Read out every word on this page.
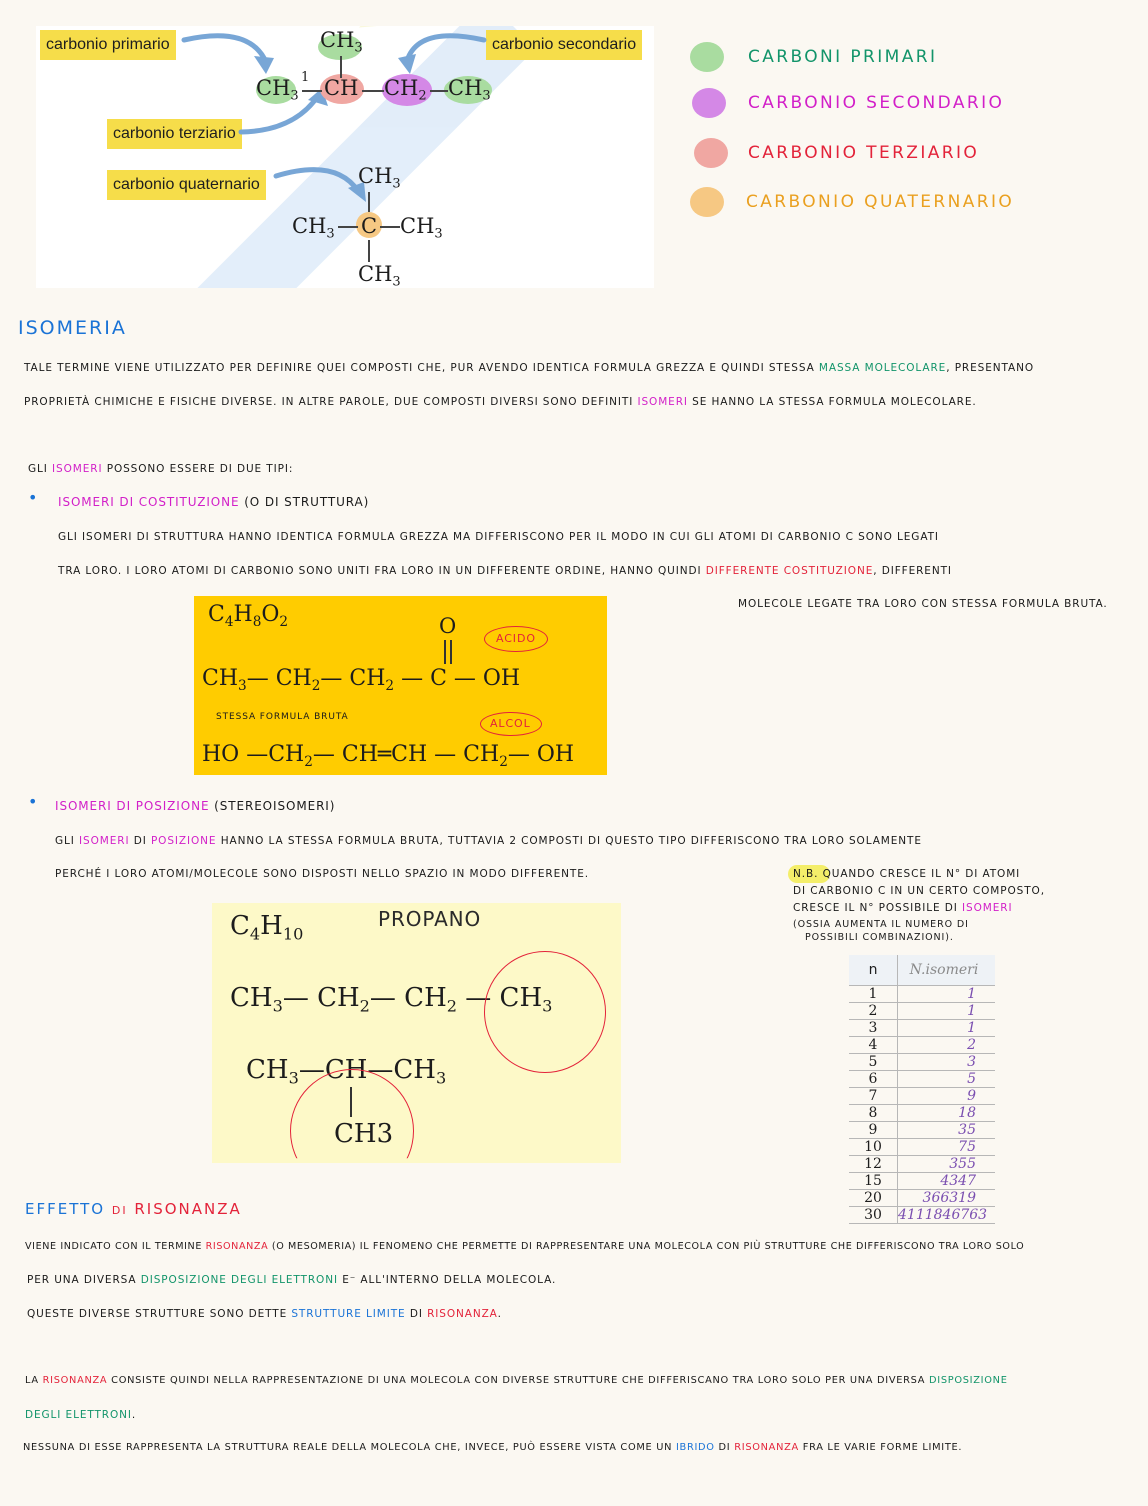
carbonio primario	carbonio secondario
carbonio terziario
carbonio quaternario
$CH_3$
$CH_3$ CH
1	$CH_2$ $CH_3$
$CH_3$
$CH_3$ C $CH_3$
$CH_3$
CARBONI PRIMARI
CARBONIO SECONDARIO
CARBONIO TERZIARIO
CARBONIO QUATERNARIO
ISOMERIA
TALE TERMINE VIENE UTILIZZATO PER DEFINIRE QUEI COMPOSTI CHE, PUR AVENDO IDENTICA FORMULA GREZZA E QUINDI STESSA MASSA MOLECOLARE, PRESENTANO
PROPRIETÀ CHIMICHE E FISICHE DIVERSE. IN ALTRE PAROLE, DUE COMPOSTI DIVERSI SONO DEFINITI ISOMERI SE HANNO LA STESSA FORMULA MOLECOLARE.
GLI ISOMERI POSSONO ESSERE DI DUE TIPI:
• ISOMERI DI COSTITUZIONE (O DI STRUTTURA)
GLI ISOMERI DI STRUTTURA HANNO IDENTICA FORMULA GREZZA MA DIFFERISCONO PER IL MODO IN CUI GLI ATOMI DI CARBONIO C SONO LEGATI
TRA LORO. I LORO ATOMI DI CARBONIO SONO UNITI FRA LORO IN UN DIFFERENTE ORDINE, HANNO QUINDI DIFFERENTE COSTITUZIONE, DIFFERENTI
MOLECOLE LEGATE TRA LORO CON STESSA FORMULA BRUTA.
$C_4H_8O_2$	O
$CH_3—$ $CH_2—$ $CH_2$ — C — OH
ACIDO
STESSA FORMULA BRUTA	ALCOL
HO $—CH_2—$ CH═CH — $CH_2—$ OH
• ISOMERI DI POSIZIONE (STEREOISOMERI)
GLI ISOMERI DI POSIZIONE HANNO LA STESSA FORMULA BRUTA, TUTTAVIA 2 COMPOSTI DI QUESTO TIPO DIFFERISCONO TRA LORO SOLAMENTE
PERCHÉ I LORO ATOMI/MOLECOLE SONO DISPOSTI NELLO SPAZIO IN MODO DIFFERENTE.
$C_4H_{10}$
PROPANO
$CH_3—$ $CH_2—$ $CH_2$ — $CH_3$
$CH_3—CH—CH_3$
CH3
N.B. QUANDO CRESCE IL N° DI ATOMI
DI CARBONIO C IN UN CERTO COMPOSTO,
CRESCE IL N° POSSIBILE DI ISOMERI
(OSSIA AUMENTA IL NUMERO DI
POSSIBILI COMBINAZIONI).
n	N.isomeri
1	1
2	1
3	1
4	2
5	3
6	5
7	9
8	18
9	35
10	75
12	355
15	4347
20	366319
30	4111846763
EFFETTO DI RISONANZA
VIENE INDICATO CON IL TERMINE RISONANZA (O MESOMERIA) IL FENOMENO CHE PERMETTE DI RAPPRESENTARE UNA MOLECOLA CON PIÙ STRUTTURE CHE DIFFERISCONO TRA LORO SOLO
PER UNA DIVERSA DISPOSIZIONE DEGLI ELETTRONI E⁻ ALL'INTERNO DELLA MOLECOLA.
QUESTE DIVERSE STRUTTURE SONO DETTE STRUTTURE LIMITE DI RISONANZA.
LA RISONANZA CONSISTE QUINDI NELLA RAPPRESENTAZIONE DI UNA MOLECOLA CON DIVERSE STRUTTURE CHE DIFFERISCANO TRA LORO SOLO PER UNA DIVERSA DISPOSIZIONE
DEGLI ELETTRONI.
NESSUNA DI ESSE RAPPRESENTA LA STRUTTURA REALE DELLA MOLECOLA CHE, INVECE, PUÒ ESSERE VISTA COME UN IBRIDO DI RISONANZA FRA LE VARIE FORME LIMITE.
